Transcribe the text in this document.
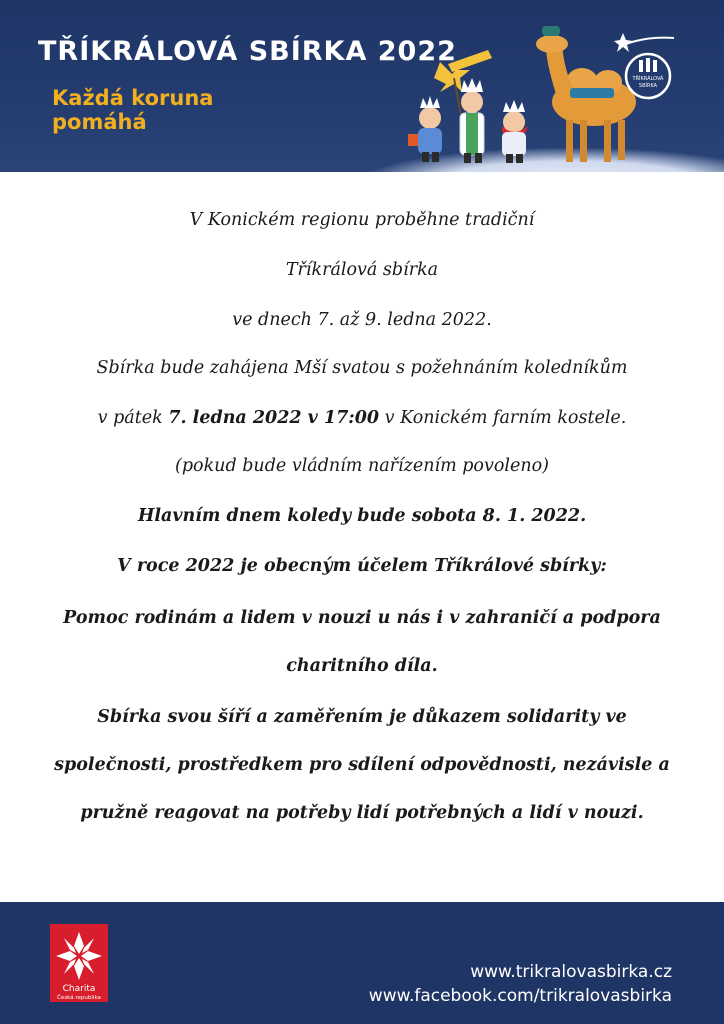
TŘÍKRÁLOVÁ SBÍRKA 2022
Každá koruna
pomáhá
TŘÍKRÁLOVÁ
SBÍRKA
V Konickém regionu proběhne tradiční
Tříkrálová sbírka
ve dnech 7. až 9. ledna 2022.
Sbírka bude zahájena Mší svatou s požehnáním koledníkům
v pátek 7. ledna 2022 v 17:00 v Konickém farním kostele.
(pokud bude vládním nařízením povoleno)
Hlavním dnem koledy bude sobota 8. 1. 2022.
V roce 2022 je obecným účelem Tříkrálové sbírky:
Pomoc rodinám a lidem v nouzi u nás i v zahraničí a podpora charitního díla.
Sbírka svou šíří a zaměřením je důkazem solidarity ve společnosti, prostředkem pro sdílení odpovědnosti, nezávisle a pružně reagovat na potřeby lidí potřebných a lidí v nouzi.
Charita
Česká republika
www.trikralovasbirka.cz
www.facebook.com/trikralovasbirka
